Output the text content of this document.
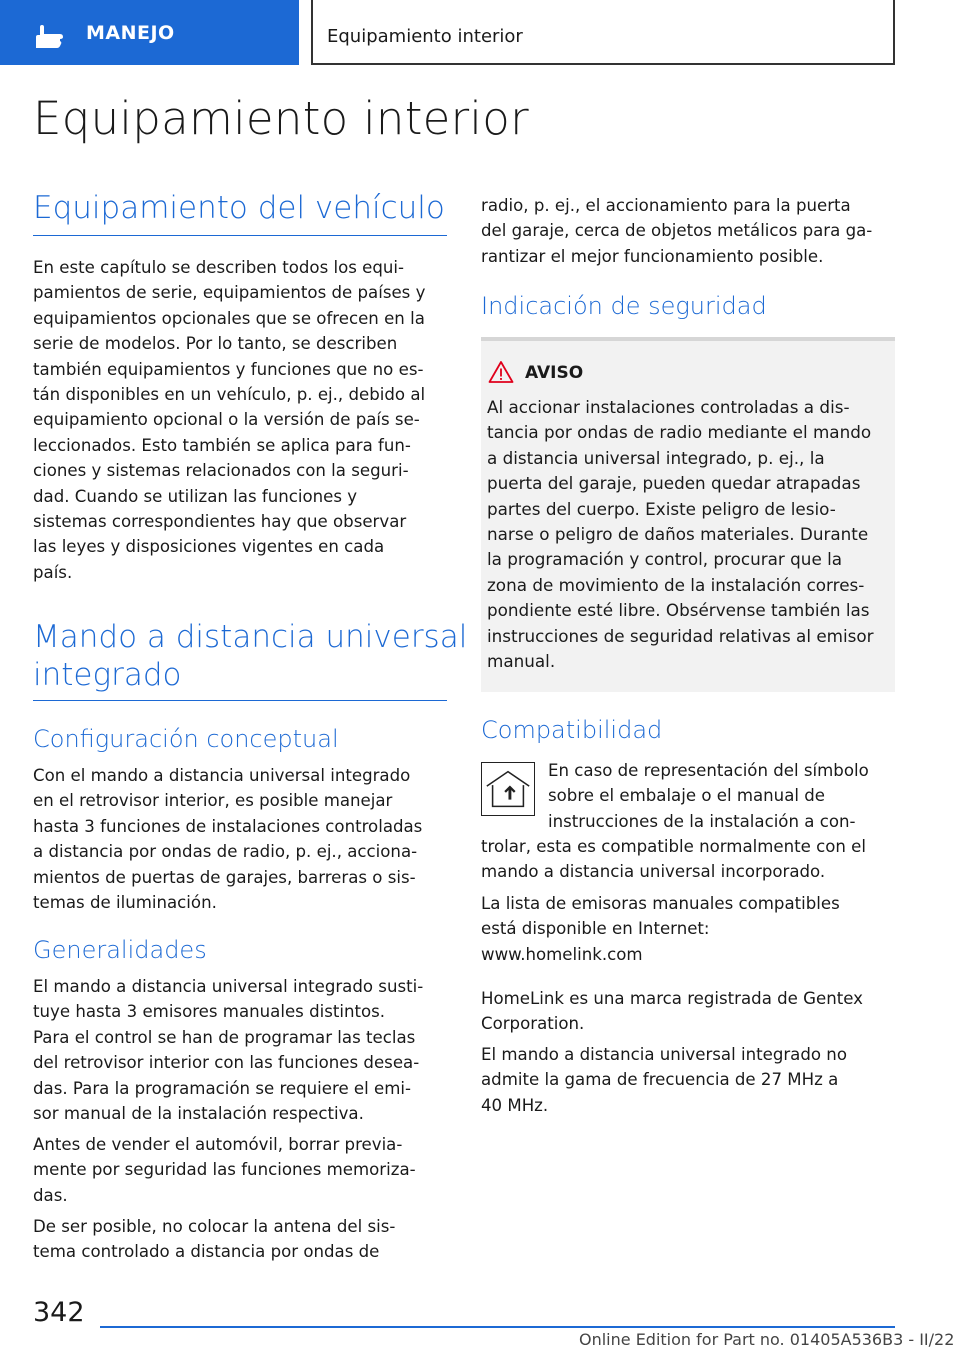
MANEJO	Equipamiento interior
Equipamiento interior
Equipamiento del vehículo
En este capítulo se describen todos los equi-
pamientos de serie, equipamientos de países y
equipamientos opcionales que se ofrecen en la
serie de modelos. Por lo tanto, se describen
también equipamientos y funciones que no es-
tán disponibles en un vehículo, p. ej., debido al
equipamiento opcional o la versión de país se-
leccionados. Esto también se aplica para fun-
ciones y sistemas relacionados con la seguri-
dad. Cuando se utilizan las funciones y
sistemas correspondientes hay que observar
las leyes y disposiciones vigentes en cada
país.
Mando a distancia universal
integrado
Configuración conceptual
Con el mando a distancia universal integrado
en el retrovisor interior, es posible manejar
hasta 3 funciones de instalaciones controladas
a distancia por ondas de radio, p. ej., acciona-
mientos de puertas de garajes, barreras o sis-
temas de iluminación.
Generalidades
El mando a distancia universal integrado susti-
tuye hasta 3 emisores manuales distintos.
Para el control se han de programar las teclas
del retrovisor interior con las funciones desea-
das. Para la programación se requiere el emi-
sor manual de la instalación respectiva.
Antes de vender el automóvil, borrar previa-
mente por seguridad las funciones memoriza-
das.
De ser posible, no colocar la antena del sis-
tema controlado a distancia por ondas de
radio, p. ej., el accionamiento para la puerta
del garaje, cerca de objetos metálicos para ga-
rantizar el mejor funcionamiento posible.
Indicación de seguridad
AVISO
Al accionar instalaciones controladas a dis-
tancia por ondas de radio mediante el mando
a distancia universal integrado, p. ej., la
puerta del garaje, pueden quedar atrapadas
partes del cuerpo. Existe peligro de lesio-
narse o peligro de daños materiales. Durante
la programación y control, procurar que la
zona de movimiento de la instalación corres-
pondiente esté libre. Obsérvense también las
instrucciones de seguridad relativas al emisor
manual.
Compatibilidad
En caso de representación del símbolo
sobre el embalaje o el manual de
instrucciones de la instalación a con-
trolar, esta es compatible normalmente con el
mando a distancia universal incorporado.
La lista de emisoras manuales compatibles
está disponible en Internet:
www.homelink.com
HomeLink es una marca registrada de Gentex
Corporation.
El mando a distancia universal integrado no
admite la gama de frecuencia de 27 MHz a
40 MHz.
342
Online Edition for Part no. 01405A536B3 - II/22
